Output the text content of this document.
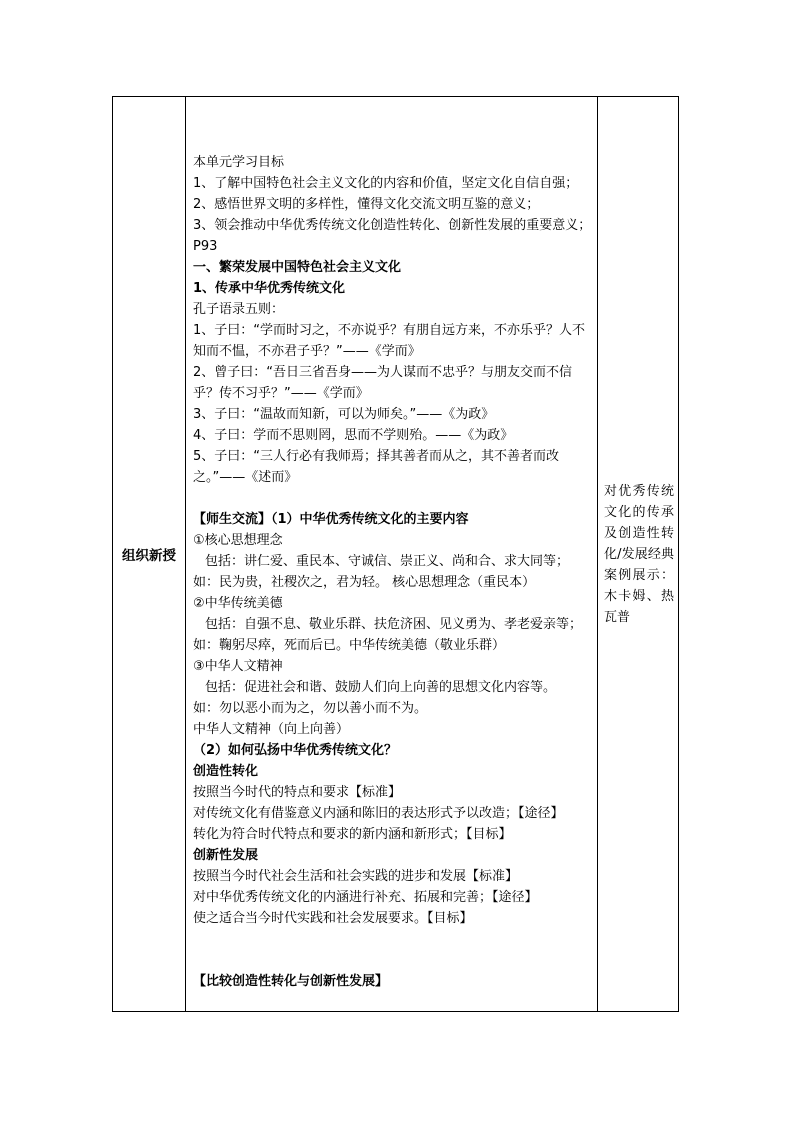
组织新授	

本单元学习目标

1、了解中国特色社会主义文化的内容和价值，坚定文化自信自强；

2、感悟世界文明的多样性，懂得文化交流文明互鉴的意义；

3、领会推动中华优秀传统文化创造性转化、创新性发展的重要意义； P93

一、繁荣发展中国特色社会主义文化

1、传承中华优秀传统文化

孔子语录五则：

1、子曰：“学而时习之，不亦说乎？有朋自远方来，不亦乐乎？人不知而不愠，不亦君子乎？”——《学而》

2、曾子曰：“吾日三省吾身——为人谋而不忠乎？与朋友交而不信乎？传不习乎？”——《学而》

3、子曰：“温故而知新，可以为师矣。”——《为政》

4、子曰：学而不思则罔，思而不学则殆。——《为政》

5、子曰：“三人行必有我师焉；择其善者而从之，其不善者而改之。”——《述而》

【师生交流】（1）中华优秀传统文化的主要内容

①核心思想理念

包括：讲仁爱、重民本、守诚信、崇正义、尚和合、求大同等；

如：民为贵，社稷次之，君为轻。 核心思想理念（重民本）

②中华传统美德

包括：自强不息、敬业乐群、扶危济困、见义勇为、孝老爱亲等；

如：鞠躬尽瘁，死而后已。中华传统美德（敬业乐群）

③中华人文精神

包括：促进社会和谐、鼓励人们向上向善的思想文化内容等。

如：勿以恶小而为之，勿以善小而不为。

中华人文精神（向上向善）

（2）如何弘扬中华优秀传统文化？

创造性转化

按照当今时代的特点和要求【标准】

对传统文化有借鉴意义内涵和陈旧的表达形式予以改造；【途径】

转化为符合时代特点和要求的新内涵和新形式；【目标】

创新性发展

按照当今时代社会生活和社会实践的进步和发展【标准】

对中华优秀传统文化的内涵进行补充、拓展和完善；【途径】

使之适合当今时代实践和社会发展要求。【目标】

【比较创造性转化与创新性发展】

对优秀传统文化的传承及创造性转化/发展经典案例展示：木卡姆、热瓦普
